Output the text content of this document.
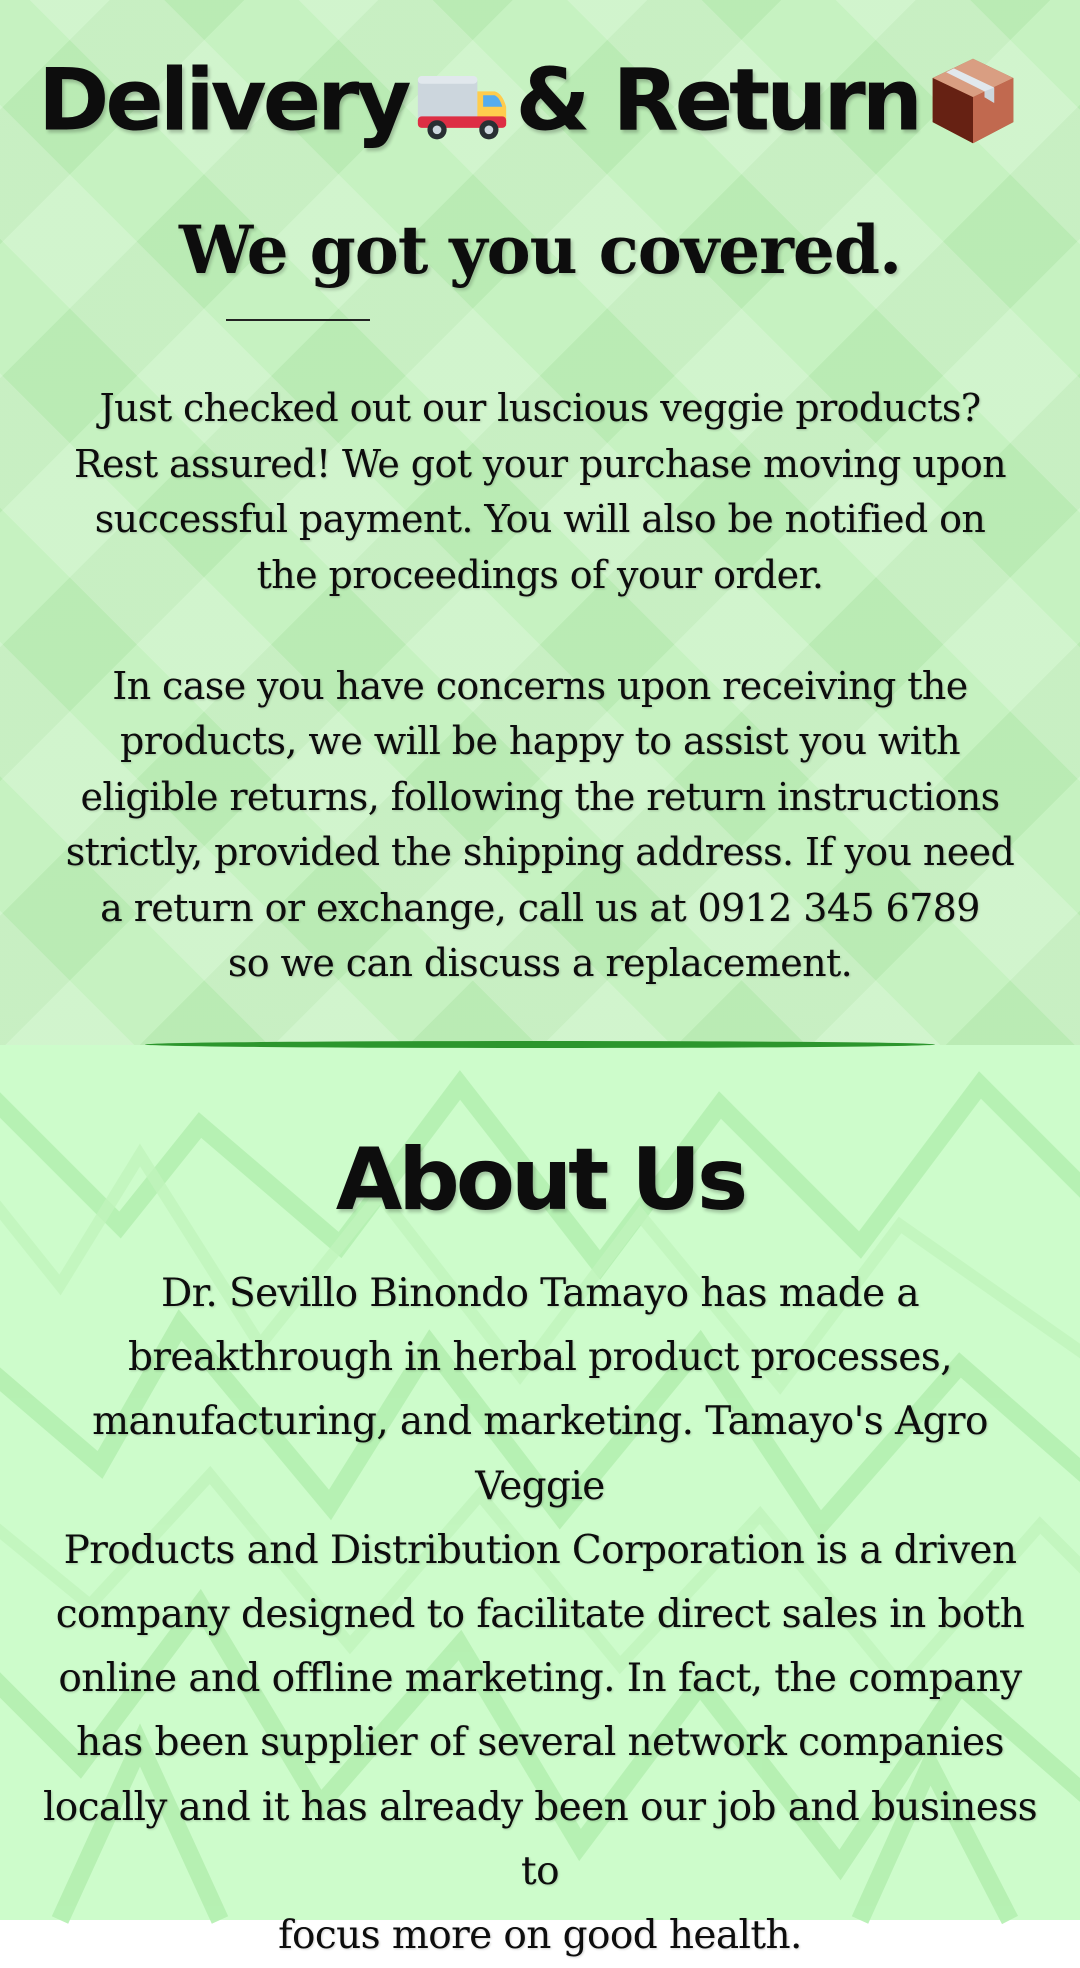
Delivery & Return
We got you covered.

Just checked out our luscious veggie products?
Rest assured! We got your purchase moving upon
successful payment. You will also be notified on
the proceedings of your order.

In case you have concerns upon receiving the
products, we will be happy to assist you with
eligible returns, following the return instructions
strictly, provided the shipping address. If you need
a return or exchange, call us at 0912 345 6789
so we can discuss a replacement.

About Us
Dr. Sevillo Binondo Tamayo has made a
breakthrough in herbal product processes,
manufacturing, and marketing. Tamayo's Agro Veggie
Products and Distribution Corporation is a driven
company designed to facilitate direct sales in both
online and offline marketing. In fact, the company
has been supplier of several network companies
locally and it has already been our job and business to
focus more on good health.
